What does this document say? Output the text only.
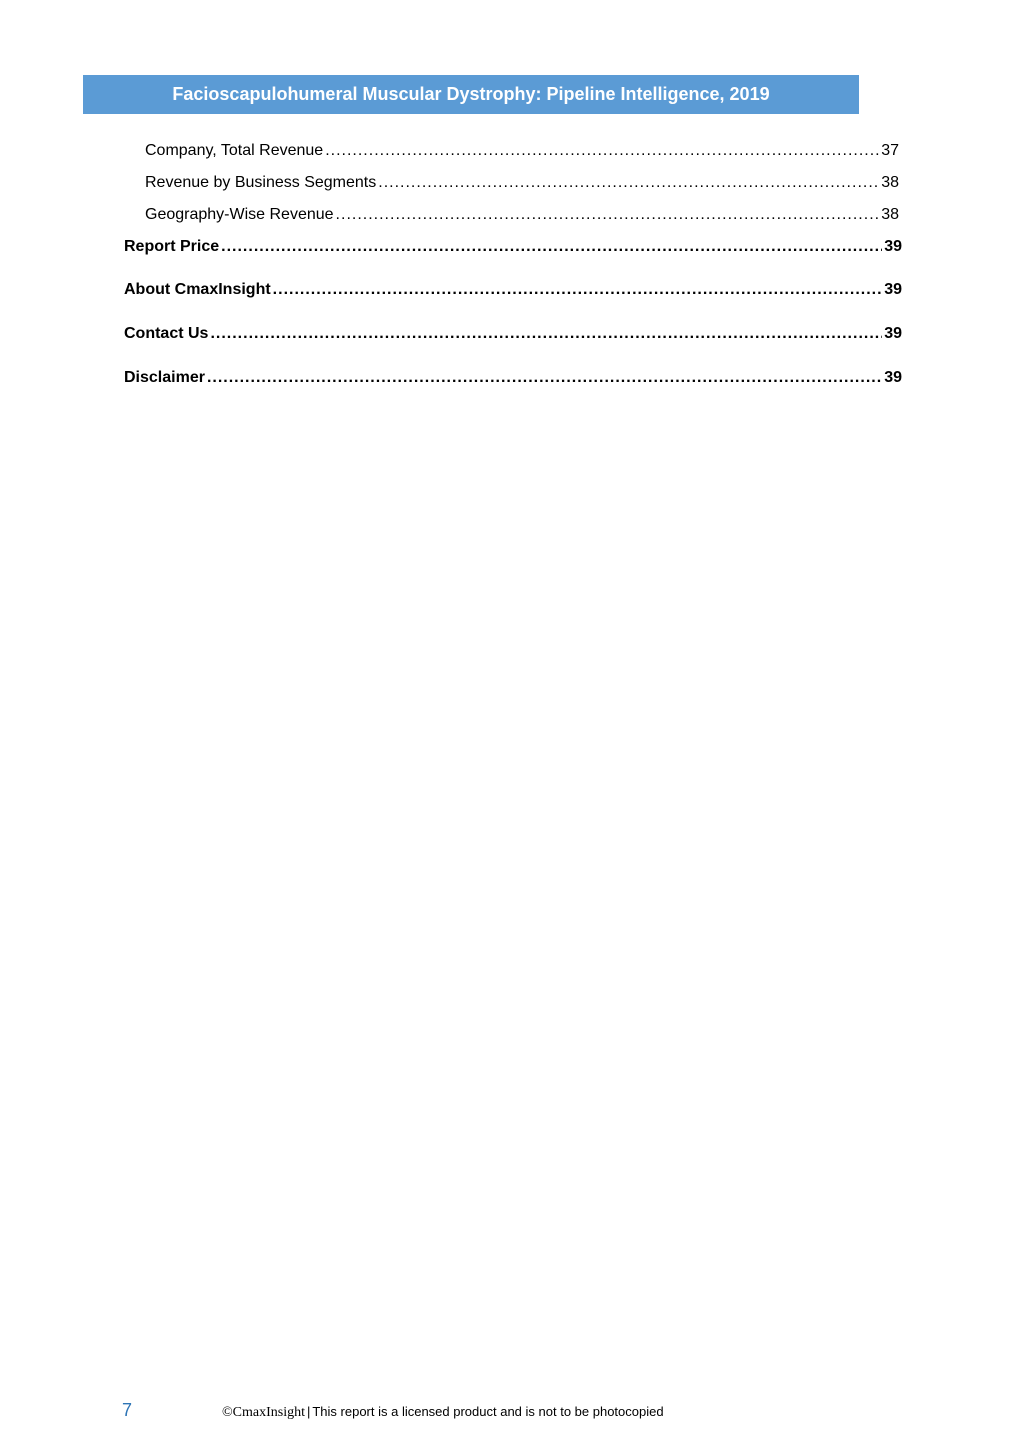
Facioscapulohumeral Muscular Dystrophy: Pipeline Intelligence, 2019
Company, Total Revenue .....	37
Revenue by Business Segments .....	38
Geography-Wise Revenue .....	38
Report Price .....	39
About CmaxInsight .....	39
Contact Us .....	39
Disclaimer .....	39
7	©CmaxInsight | This report is a licensed product and is not to be photocopied
